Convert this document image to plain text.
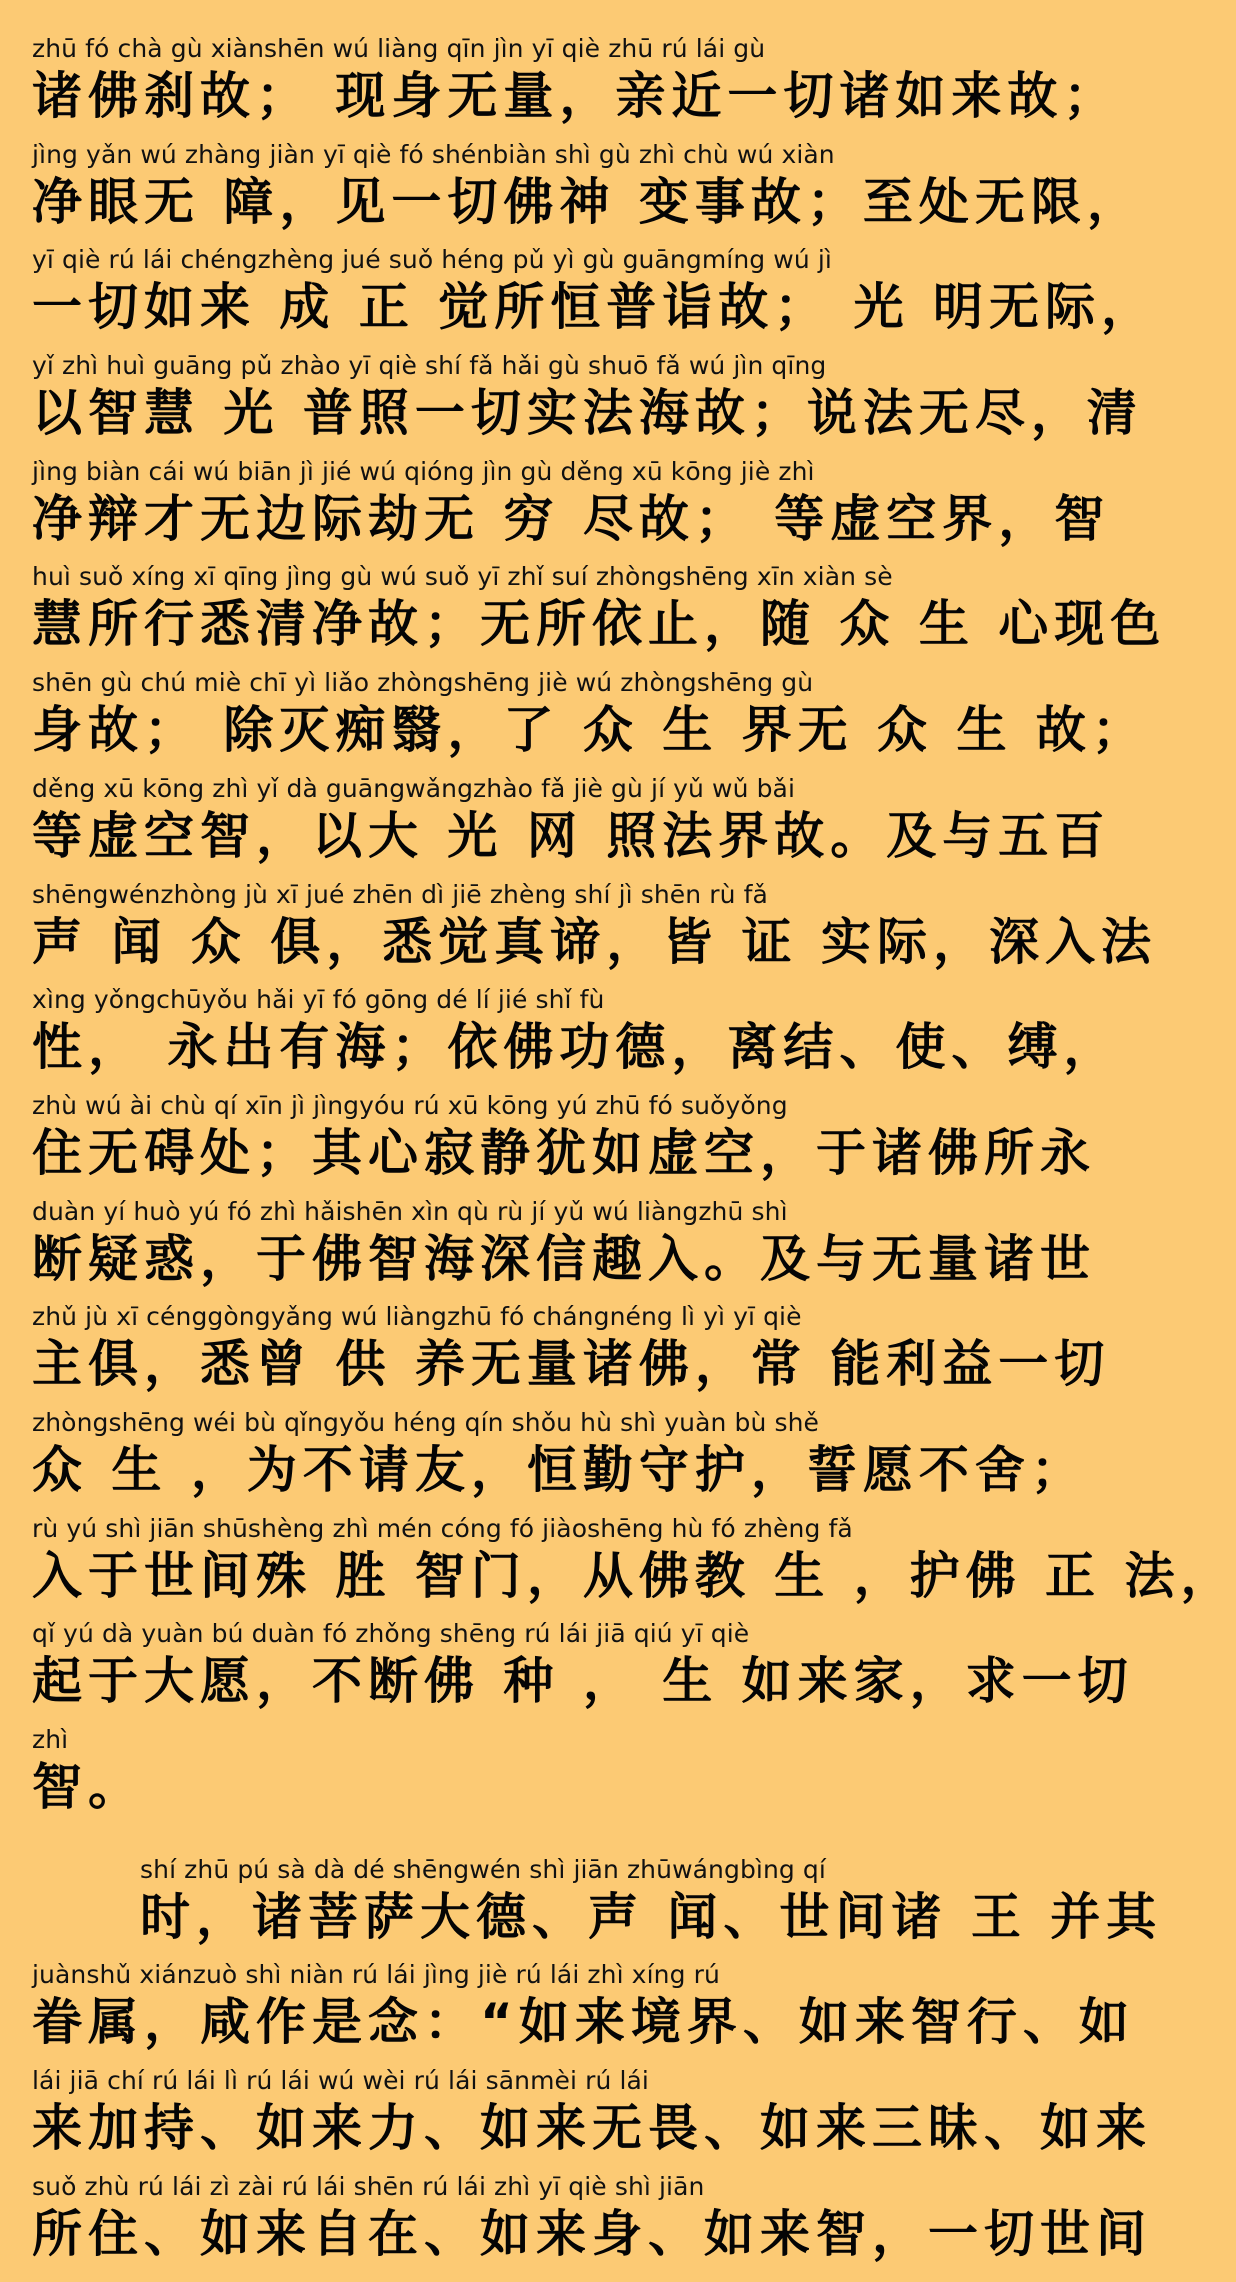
zhū fó chà gù xiànshēn wú liàng qīn jìn yī qiè zhū rú lái gù
诸佛刹故； 现身无量，亲近一切诸如来故；
jìng yǎn wú zhàng jiàn yī qiè fó shénbiàn shì gù zhì chù wú xiàn
净眼无 障，见一切佛神 变事故；至处无限，
yī qiè rú lái chéngzhèng jué suǒ héng pǔ yì gù guāngmíng wú jì
一切如来 成 正 觉所恒普诣故； 光 明无际，
yǐ zhì huì guāng pǔ zhào yī qiè shí fǎ hǎi gù shuō fǎ wú jìn qīng
以智慧 光 普照一切实法海故；说法无尽，清
jìng biàn cái wú biān jì jié wú qióng jìn gù děng xū kōng jiè zhì
净辩才无边际劫无 穷 尽故； 等虚空界，智
huì suǒ xíng xī qīng jìng gù wú suǒ yī zhǐ suí zhòngshēng xīn xiàn sè
慧所行悉清净故；无所依止，随 众 生 心现色
shēn gù chú miè chī yì liǎo zhòngshēng jiè wú zhòngshēng gù
身故； 除灭痴翳，了 众 生 界无 众 生 故；
děng xū kōng zhì yǐ dà guāngwǎngzhào fǎ jiè gù jí yǔ wǔ bǎi
等虚空智，以大 光 网 照法界故。及与五百
shēngwénzhòng jù xī jué zhēn dì jiē zhèng shí jì shēn rù fǎ
声 闻 众 俱，悉觉真谛，皆 证 实际，深入法
xìng yǒngchūyǒu hǎi yī fó gōng dé lí jié shǐ fù
性， 永出有海；依佛功德，离结、使、缚，
zhù wú ài chù qí xīn jì jìngyóu rú xū kōng yú zhū fó suǒyǒng
住无碍处；其心寂静犹如虚空，于诸佛所永
duàn yí huò yú fó zhì hǎishēn xìn qù rù jí yǔ wú liàngzhū shì
断疑惑，于佛智海深信趣入。及与无量诸世
zhǔ jù xī cénggòngyǎng wú liàngzhū fó chángnéng lì yì yī qiè
主俱，悉曾 供 养无量诸佛，常 能利益一切
zhòngshēng wéi bù qǐngyǒu héng qín shǒu hù shì yuàn bù shě
众 生 ，为不请友，恒勤守护，誓愿不舍；
rù yú shì jiān shūshèng zhì mén cóng fó jiàoshēng hù fó zhèng fǎ
入于世间殊 胜 智门，从佛教 生 ，护佛 正 法，
qǐ yú dà yuàn bú duàn fó zhǒng shēng rú lái jiā qiú yī qiè
起于大愿，不断佛 种 ， 生 如来家，求一切
zhì
智。
shí zhū pú sà dà dé shēngwén shì jiān zhūwángbìng qí
时，诸菩萨大德、声 闻、世间诸 王 并其
juànshǔ xiánzuò shì niàn rú lái jìng jiè rú lái zhì xíng rú
眷属，咸作是念：“如来境界、如来智行、如
lái jiā chí rú lái lì rú lái wú wèi rú lái sānmèi rú lái
来加持、如来力、如来无畏、如来三昧、如来
suǒ zhù rú lái zì zài rú lái shēn rú lái zhì yī qiè shì jiān
所住、如来自在、如来身、如来智，一切世间
